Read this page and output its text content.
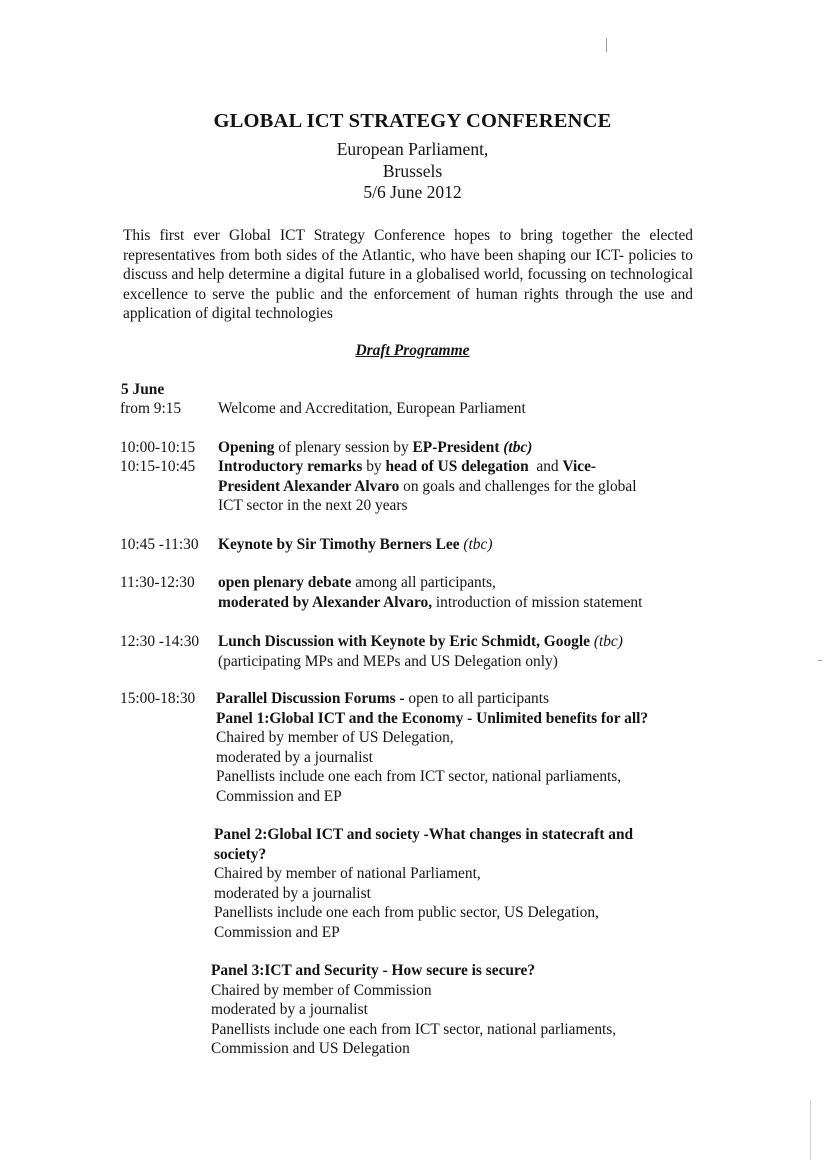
GLOBAL ICT STRATEGY CONFERENCE
European Parliament,
Brussels
5/6 June 2012
This first ever Global ICT Strategy Conference hopes to bring together the elected representatives from both sides of the Atlantic, who have been shaping our ICT- policies to discuss and help determine a digital future in a globalised world, focussing on technological excellence to serve the public and the enforcement of human rights through the use and application of digital technologies
Draft Programme
5 June
from 9:15	Welcome and Accreditation, European Parliament
10:00-10:15	Opening of plenary session by EP-President (tbc)
10:15-10:45	Introductory remarks by head of US delegation  and Vice-
President Alexander Alvaro on goals and challenges for the global
ICT sector in the next 20 years
10:45 -11:30	Keynote by Sir Timothy Berners Lee (tbc)
11:30-12:30	open plenary debate among all participants,
moderated by Alexander Alvaro, introduction of mission statement
12:30 -14:30	Lunch Discussion with Keynote by Eric Schmidt, Google (tbc)
(participating MPs and MEPs and US Delegation only)
15:00-18:30	Parallel Discussion Forums - open to all participants
Panel 1:Global ICT and the Economy - Unlimited benefits for all?
Chaired by member of US Delegation,
moderated by a journalist
Panellists include one each from ICT sector, national parliaments,
Commission and EP
Panel 2:Global ICT and society -What changes in statecraft and
society?
Chaired by member of national Parliament,
moderated by a journalist
Panellists include one each from public sector, US Delegation,
Commission and EP
Panel 3:ICT and Security - How secure is secure?
Chaired by member of Commission
moderated by a journalist
Panellists include one each from ICT sector, national parliaments,
Commission and US Delegation
